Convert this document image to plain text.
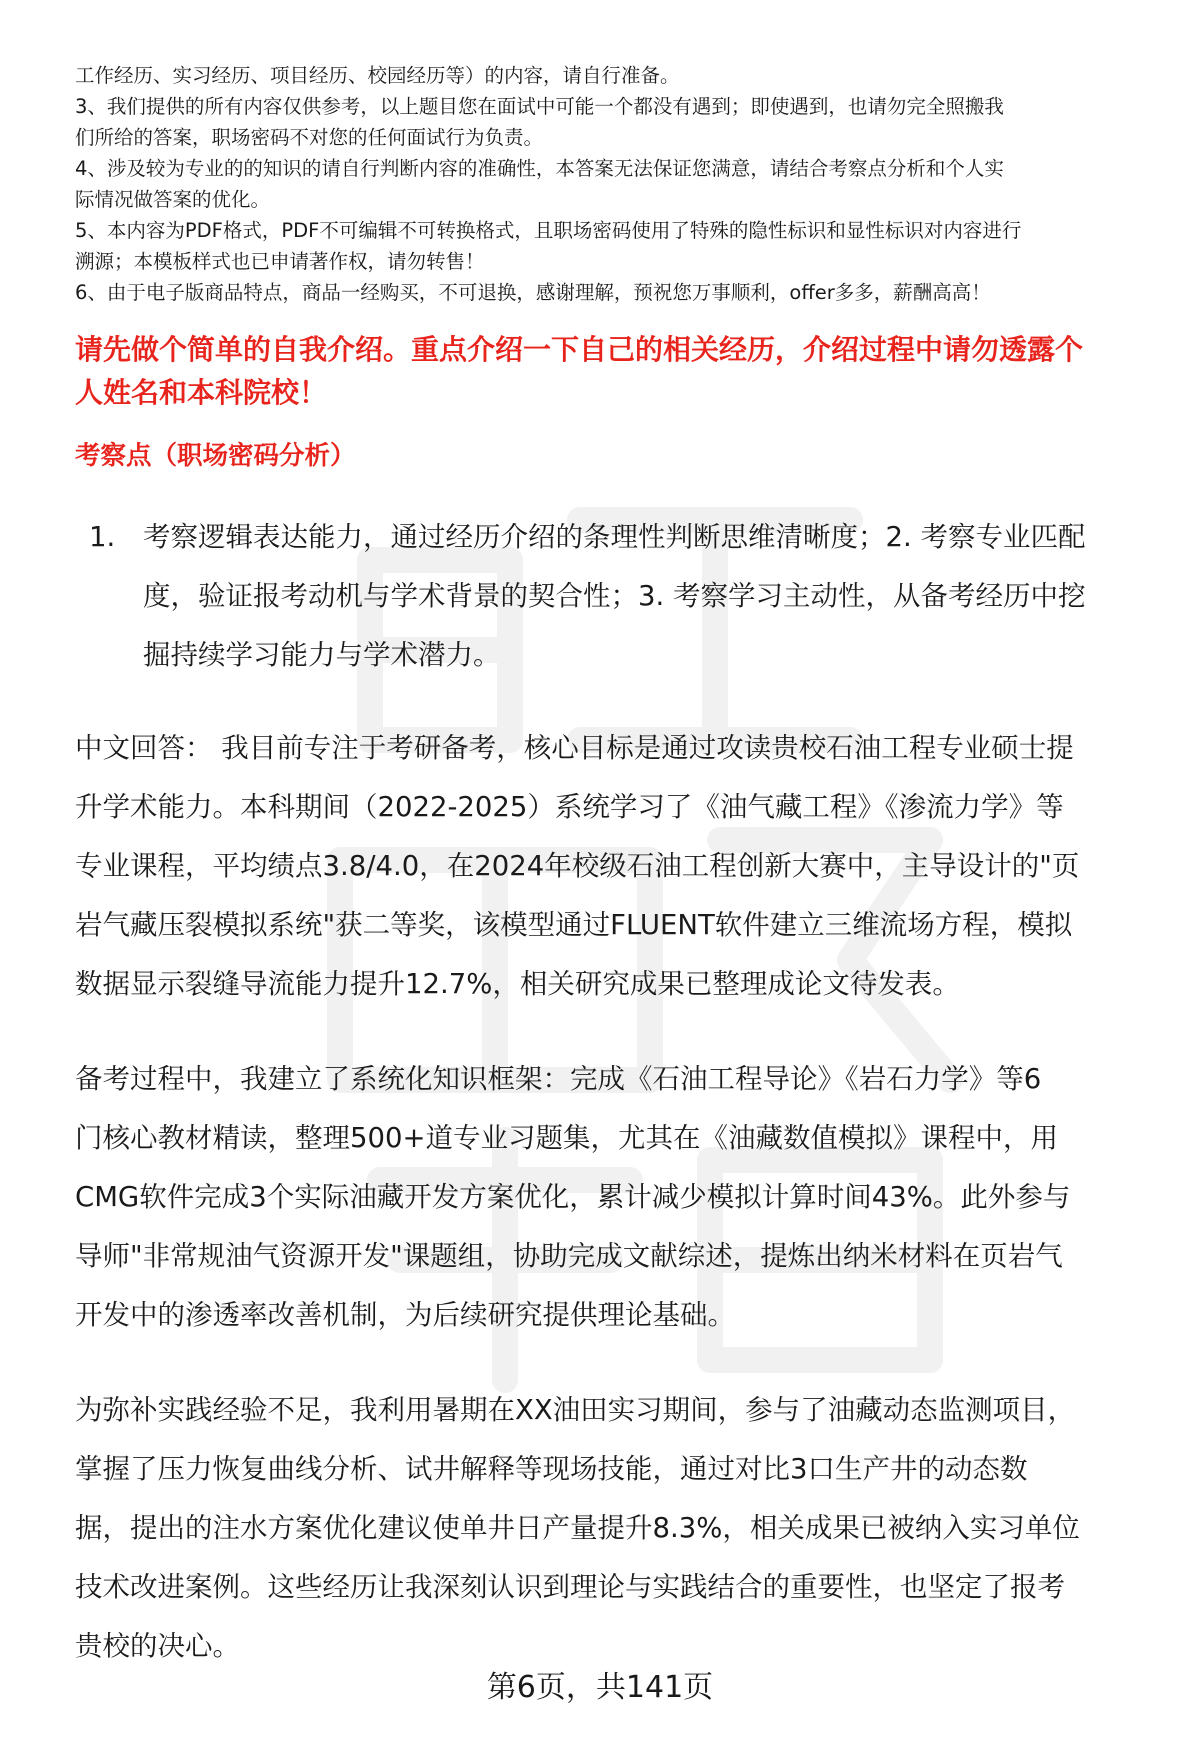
工作经历、实习经历、项目经历、校园经历等）的内容，请自行准备。

3、我们提供的所有内容仅供参考，以上题目您在面试中可能一个都没有遇到；即使遇到，也请勿完全照搬我

们所给的答案，职场密码不对您的任何面试行为负责。

4、涉及较为专业的的知识的请自行判断内容的准确性，本答案无法保证您满意，请结合考察点分析和个人实

际情况做答案的优化。

5、本内容为PDF格式，PDF不可编辑不可转换格式，且职场密码使用了特殊的隐性标识和显性标识对内容进行

溯源；本模板样式也已申请著作权，请勿转售！

6、由于电子版商品特点，商品一经购买，不可退换，感谢理解，预祝您万事顺利，offer多多，薪酬高高！

请先做个简单的自我介绍。重点介绍一下自己的相关经历，介绍过程中请勿透露个
人姓名和本科院校！
考察点（职场密码分析）
1.	考察逻辑表达能力，通过经历介绍的条理性判断思维清晰度；2. 考察专业匹配
度，验证报考动机与学术背景的契合性；3. 考察学习主动性，从备考经历中挖
掘持续学习能力与学术潜力。
中文回答： 我目前专注于考研备考，核心目标是通过攻读贵校石油工程专业硕士提
升学术能力。本科期间（2022-2025）系统学习了《油气藏工程》《渗流力学》等
专业课程，平均绩点3.8/4.0，在2024年校级石油工程创新大赛中，主导设计的"页
岩气藏压裂模拟系统"获二等奖，该模型通过FLUENT软件建立三维流场方程，模拟
数据显示裂缝导流能力提升12.7%，相关研究成果已整理成论文待发表。
备考过程中，我建立了系统化知识框架：完成《石油工程导论》《岩石力学》等6
门核心教材精读，整理500+道专业习题集，尤其在《油藏数值模拟》课程中，用
CMG软件完成3个实际油藏开发方案优化，累计减少模拟计算时间43%。此外参与
导师"非常规油气资源开发"课题组，协助完成文献综述，提炼出纳米材料在页岩气
开发中的渗透率改善机制，为后续研究提供理论基础。
为弥补实践经验不足，我利用暑期在XX油田实习期间，参与了油藏动态监测项目，
掌握了压力恢复曲线分析、试井解释等现场技能，通过对比3口生产井的动态数
据，提出的注水方案优化建议使单井日产量提升8.3%，相关成果已被纳入实习单位
技术改进案例。这些经历让我深刻认识到理论与实践结合的重要性，也坚定了报考
贵校的决心。
第6页，共141页
